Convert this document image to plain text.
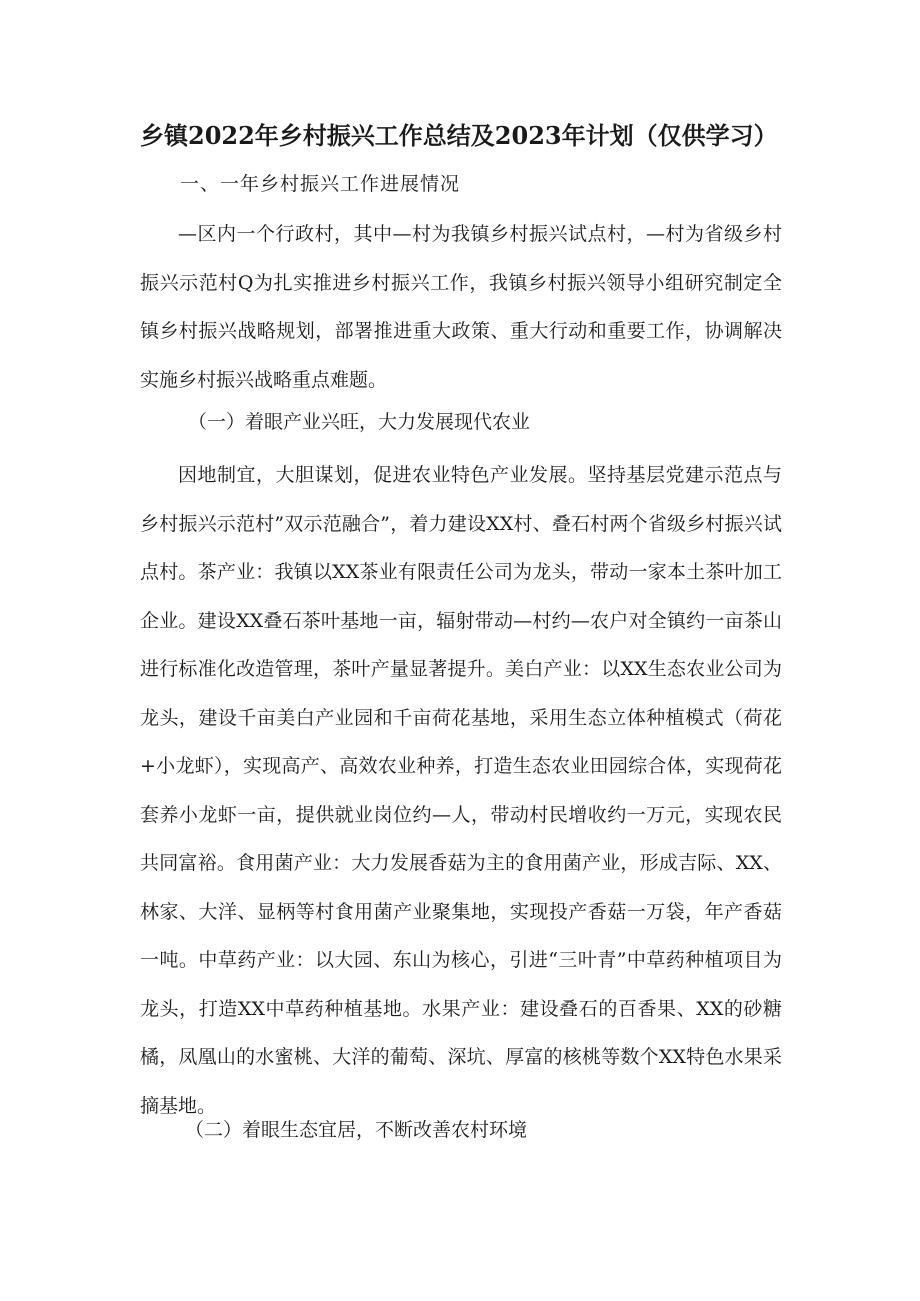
乡镇2022年乡村振兴工作总结及2023年计划（仅供学习）
一、一年乡村振兴工作进展情况

—区内一个行政村，其中—村为我镇乡村振兴试点村，—村为省级乡村振兴示范村Q为扎实推进乡村振兴工作，我镇乡村振兴领导小组研究制定全镇乡村振兴战略规划，部署推进重大政策、重大行动和重要工作，协调解决实施乡村振兴战略重点难题。

（一）着眼产业兴旺，大力发展现代农业

因地制宜，大胆谋划，促进农业特色产业发展。坚持基层党建示范点与乡村振兴示范村”双示范融合”，着力建设XX村、叠石村两个省级乡村振兴试点村。茶产业：我镇以XX茶业有限责任公司为龙头，带动一家本土茶叶加工企业。建设XX叠石茶叶基地一亩，辐射带动—村约—农户对全镇约一亩茶山进行标准化改造管理，茶叶产量显著提升。美白产业：以XX生态农业公司为龙头，建设千亩美白产业园和千亩荷花基地，采用生态立体种植模式（荷花+小龙虾），实现高产、高效农业种养，打造生态农业田园综合体，实现荷花套养小龙虾一亩，提供就业岗位约—人，带动村民增收约一万元，实现农民共同富裕。食用菌产业：大力发展香菇为主的食用菌产业，形成吉际、XX、林家、大洋、显柄等村食用菌产业聚集地，实现投产香菇一万袋，年产香菇一吨。中草药产业：以大园、东山为核心，引进“三叶青”中草药种植项目为龙头，打造XX中草药种植基地。水果产业：建设叠石的百香果、XX的砂糖橘，凤凰山的水蜜桃、大洋的葡萄、深坑、厚富的核桃等数个XX特色水果采摘基地。

（二）着眼生态宜居，不断改善农村环境
